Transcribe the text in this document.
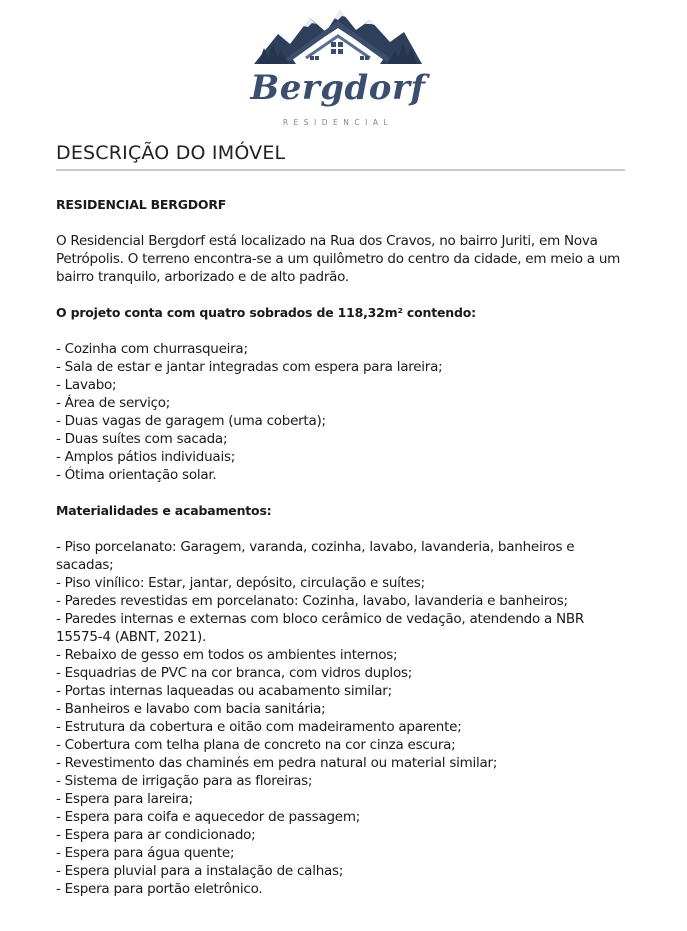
Bergdorf
RESIDENCIAL
DESCRIÇÃO DO IMÓVEL

RESIDENCIAL BERGDORF

O Residencial Bergdorf está localizado na Rua dos Cravos, no bairro Juriti, em Nova Petrópolis. O terreno encontra-se a um quilômetro do centro da cidade, em meio a um bairro tranquilo, arborizado e de alto padrão.

O projeto conta com quatro sobrados de 118,32m² contendo:

- Cozinha com churrasqueira;
- Sala de estar e jantar integradas com espera para lareira;
- Lavabo;
- Área de serviço;
- Duas vagas de garagem (uma coberta);
- Duas suítes com sacada;
- Amplos pátios individuais;
- Ótima orientação solar.

Materialidades e acabamentos:

- Piso porcelanato: Garagem, varanda, cozinha, lavabo, lavanderia, banheiros e sacadas;
- Piso vinílico: Estar, jantar, depósito, circulação e suítes;
- Paredes revestidas em porcelanato: Cozinha, lavabo, lavanderia e banheiros;
- Paredes internas e externas com bloco cerâmico de vedação, atendendo a NBR 15575-4 (ABNT, 2021).
- Rebaixo de gesso em todos os ambientes internos;
- Esquadrias de PVC na cor branca, com vidros duplos;
- Portas internas laqueadas ou acabamento similar;
- Banheiros e lavabo com bacia sanitária;
- Estrutura da cobertura e oitão com madeiramento aparente;
- Cobertura com telha plana de concreto na cor cinza escura;
- Revestimento das chaminés em pedra natural ou material similar;
- Sistema de irrigação para as floreiras;
- Espera para lareira;
- Espera para coifa e aquecedor de passagem;
- Espera para ar condicionado;
- Espera para água quente;
- Espera pluvial para a instalação de calhas;
- Espera para portão eletrônico.
